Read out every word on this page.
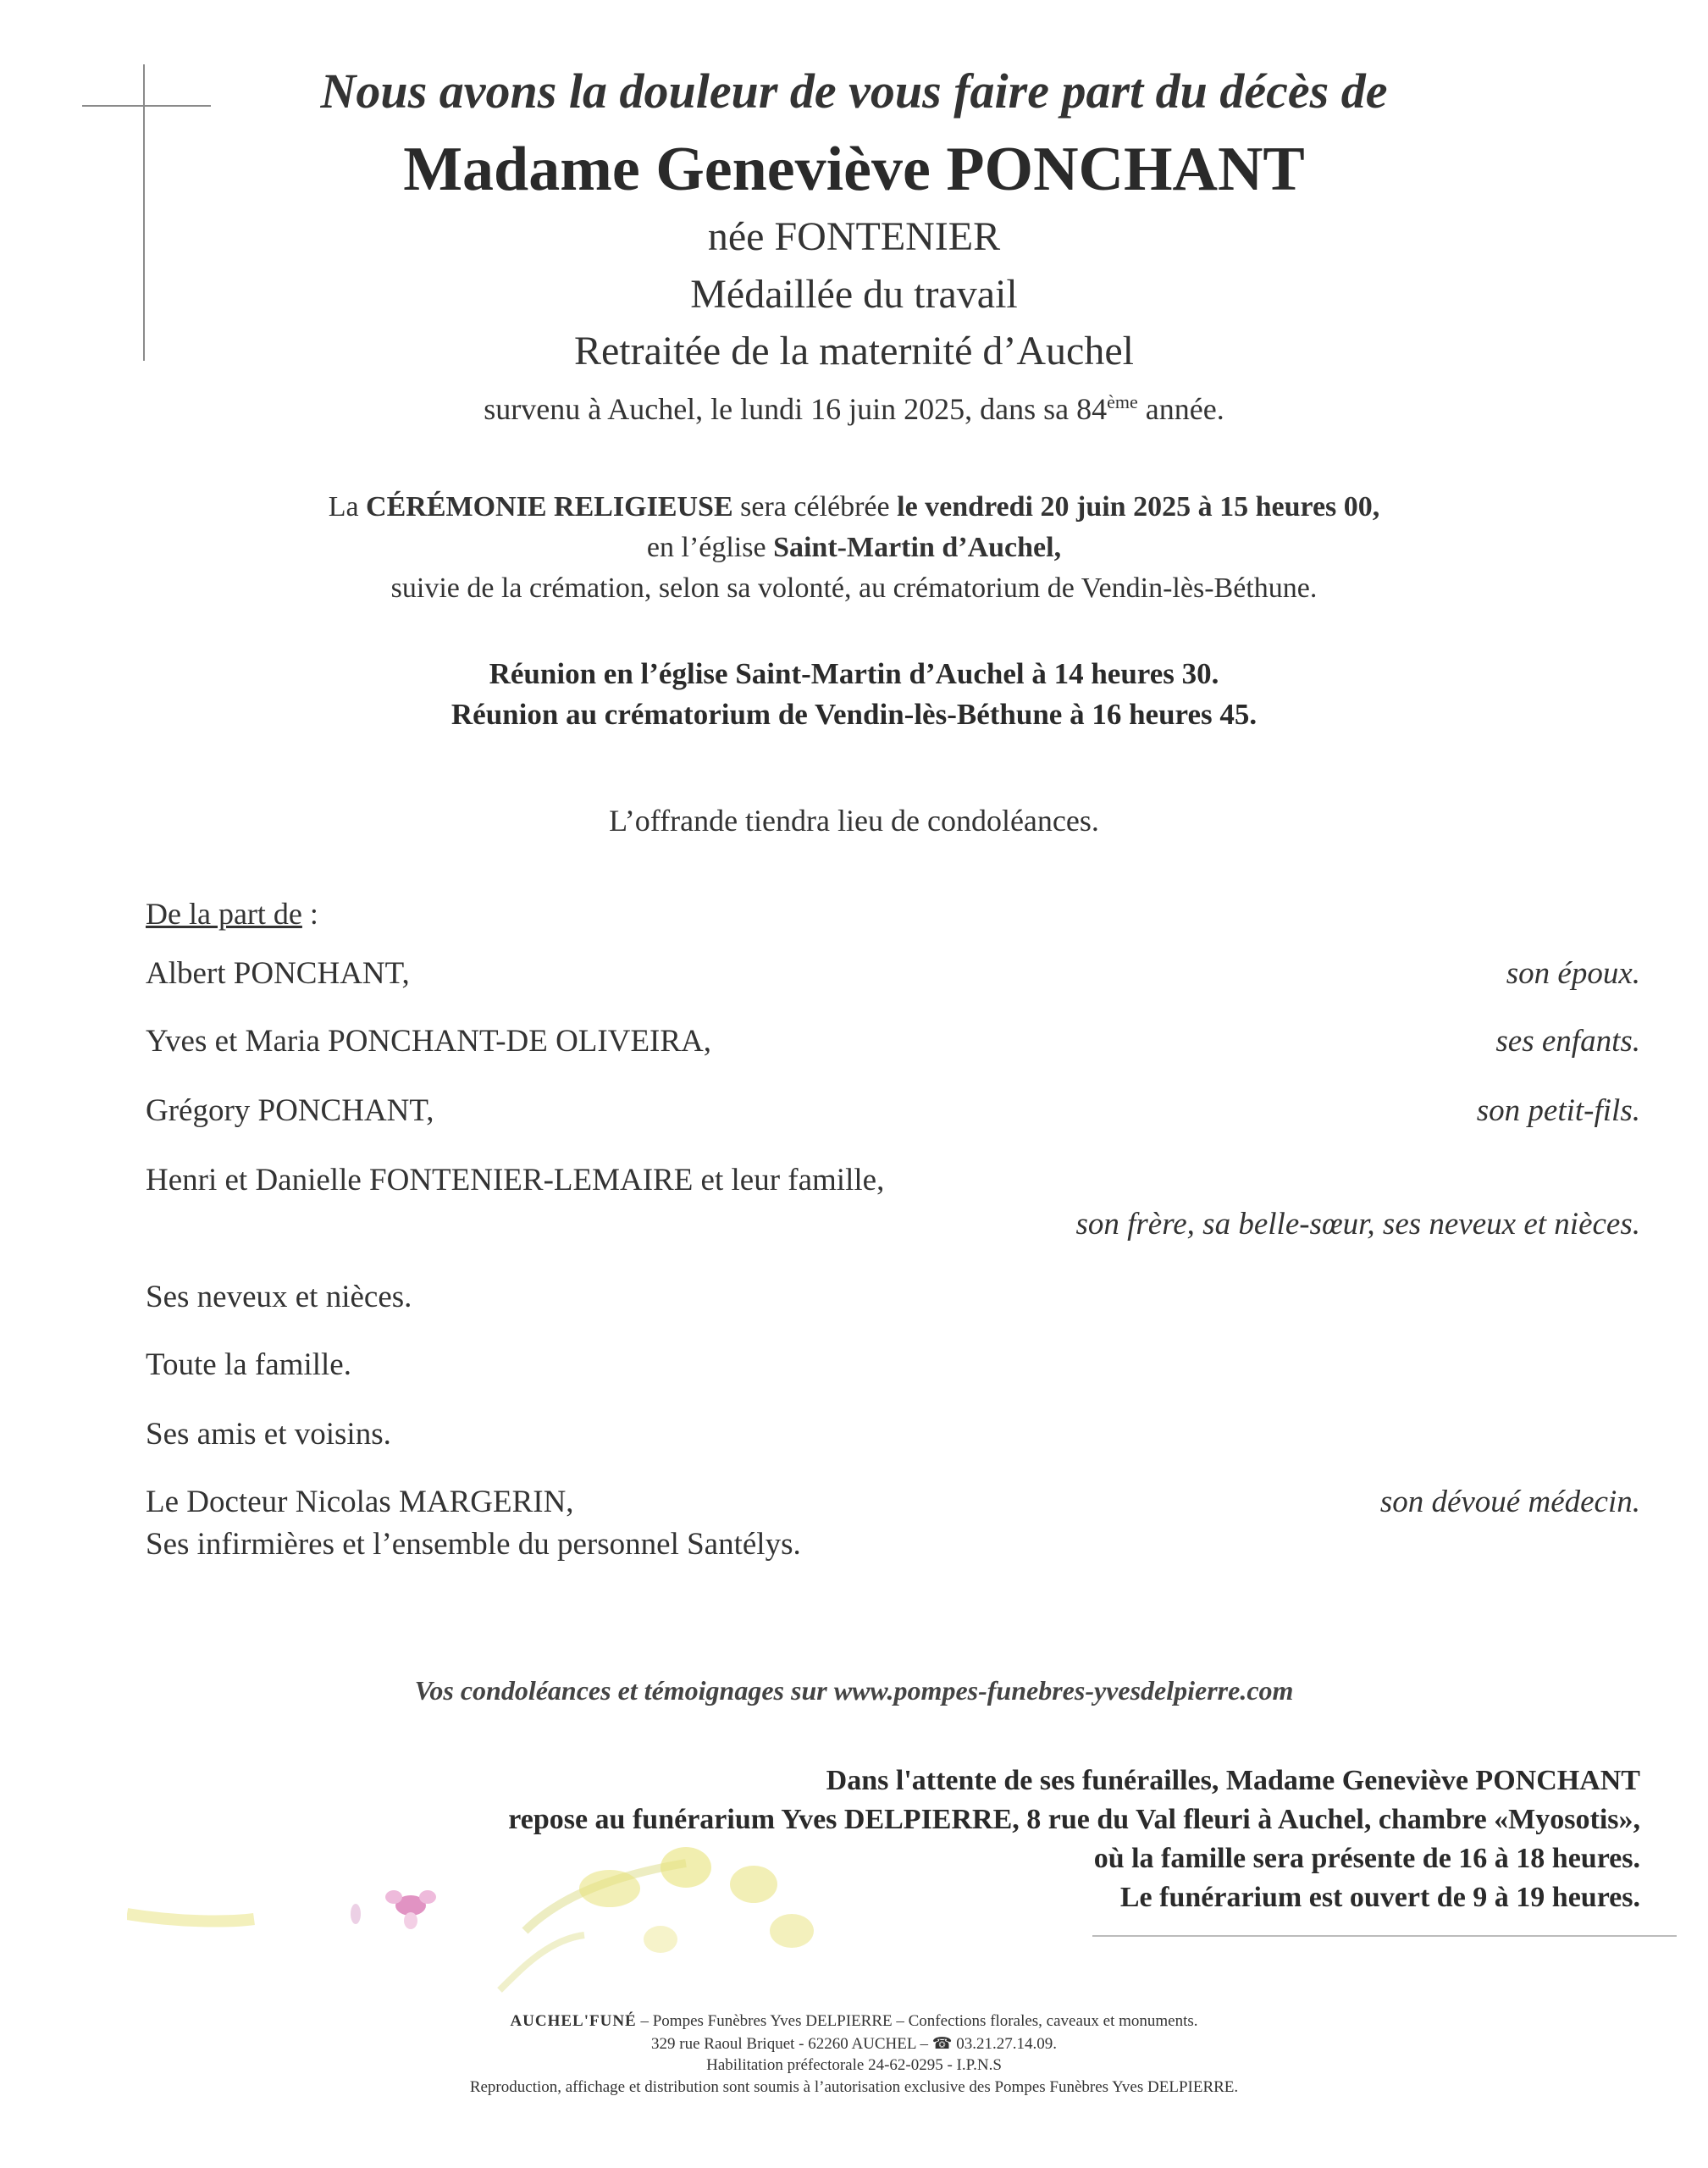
Nous avons la douleur de vous faire part du décès de
Madame Geneviève PONCHANT
née FONTENIER
Médaillée du travail
Retraitée de la maternité d’Auchel
survenu à Auchel, le lundi 16 juin 2025, dans sa 84ème année.
La CÉRÉMONIE RELIGIEUSE sera célébrée le vendredi 20 juin 2025 à 15 heures 00,
en l’église Saint-Martin d’Auchel,
suivie de la crémation, selon sa volonté, au crématorium de Vendin-lès-Béthune.
Réunion en l’église Saint-Martin d’Auchel à 14 heures 30.
Réunion au crématorium de Vendin-lès-Béthune à 16 heures 45.
L’offrande tiendra lieu de condoléances.
De la part de :
Albert PONCHANT,	son époux.
Yves et Maria PONCHANT-DE OLIVEIRA,	ses enfants.
Grégory PONCHANT,	son petit-fils.
Henri et Danielle FONTENIER-LEMAIRE et leur famille,
son frère, sa belle-sœur, ses neveux et nièces.
Ses neveux et nièces.
Toute la famille.
Ses amis et voisins.
Le Docteur Nicolas MARGERIN,	son dévoué médecin.
Ses infirmières et l’ensemble du personnel Santélys.
Vos condoléances et témoignages sur www.pompes-funebres-yvesdelpierre.com
Dans l'attente de ses funérailles, Madame Geneviève PONCHANT
repose au funérarium Yves DELPIERRE, 8 rue du Val fleuri à Auchel, chambre «Myosotis»,
où la famille sera présente de 16 à 18 heures.
Le funérarium est ouvert de 9 à 19 heures.
AUCHEL'FUNÉ – Pompes Funèbres Yves DELPIERRE – Confections florales, caveaux et monuments.
329 rue Raoul Briquet - 62260 AUCHEL – ☎ 03.21.27.14.09.
Habilitation préfectorale 24-62-0295 - I.P.N.S
Reproduction, affichage et distribution sont soumis à l’autorisation exclusive des Pompes Funèbres Yves DELPIERRE.
